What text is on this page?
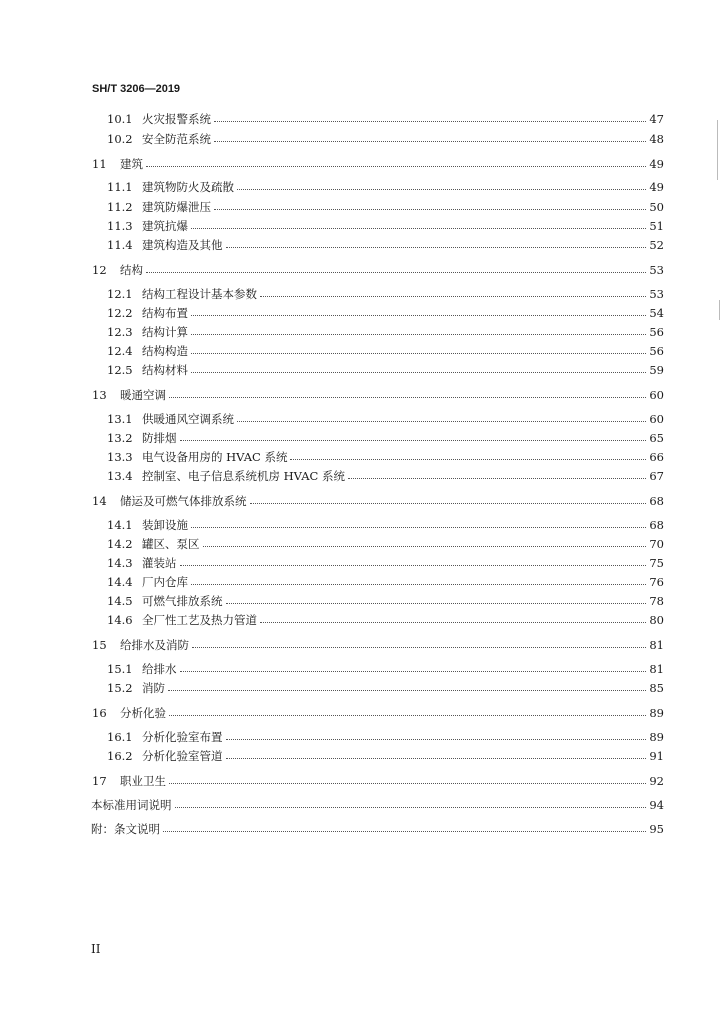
SH/T 3206—2019
10.1 火灾报警系统	47
10.2 安全防范系统	48
11	建筑	49
11.1 建筑物防火及疏散	49
11.2 建筑防爆泄压	50
11.3 建筑抗爆	51
11.4 建筑构造及其他	52
12	结构	53
12.1 结构工程设计基本参数	53
12.2 结构布置	54
12.3 结构计算	56
12.4 结构构造	56
12.5 结构材料	59
13	暖通空调	60
13.1 供暖通风空调系统	60
13.2 防排烟	65
13.3 电气设备用房的 HVAC 系统	66
13.4 控制室、电子信息系统机房 HVAC 系统	67
14	储运及可燃气体排放系统	68
14.1 装卸设施	68
14.2 罐区、泵区	70
14.3 灌装站	75
14.4 厂内仓库	76
14.5 可燃气排放系统	78
14.6 全厂性工艺及热力管道	80
15	给排水及消防	81
15.1 给排水	81
15.2 消防	85
16	分析化验	89
16.1 分析化验室布置	89
16.2 分析化验室管道	91
17	职业卫生	92
本标准用词说明	94
附：条文说明	95
II
